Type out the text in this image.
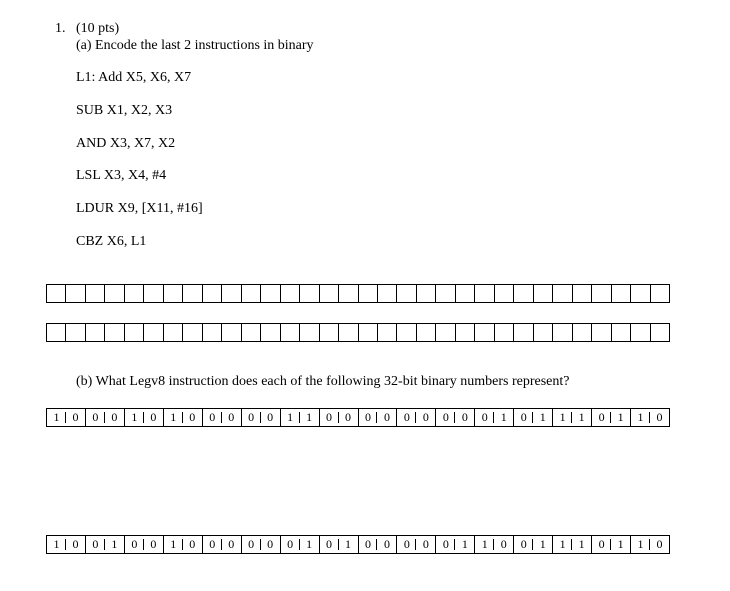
1. (10 pts)
(a) Encode the last 2 instructions in binary
L1: Add X5, X6, X7
SUB X1, X2, X3
AND X3, X7, X2
LSL X3, X4, #4
LDUR X9, [X11, #16]
CBZ X6, L1
(b) What Legv8 instruction does each of the following 32-bit binary numbers represent?
1	0	0	0	1	0	1	0	0	0	0	0	1	1	0	0	0	0	0	0	0	0	0	1	0	1	1	1	0	1	1	0
1	0	0	1	0	0	1	0	0	0	0	0	0	1	0	1	0	0	0	0	0	1	1	0	0	1	1	1	0	1	1	0
